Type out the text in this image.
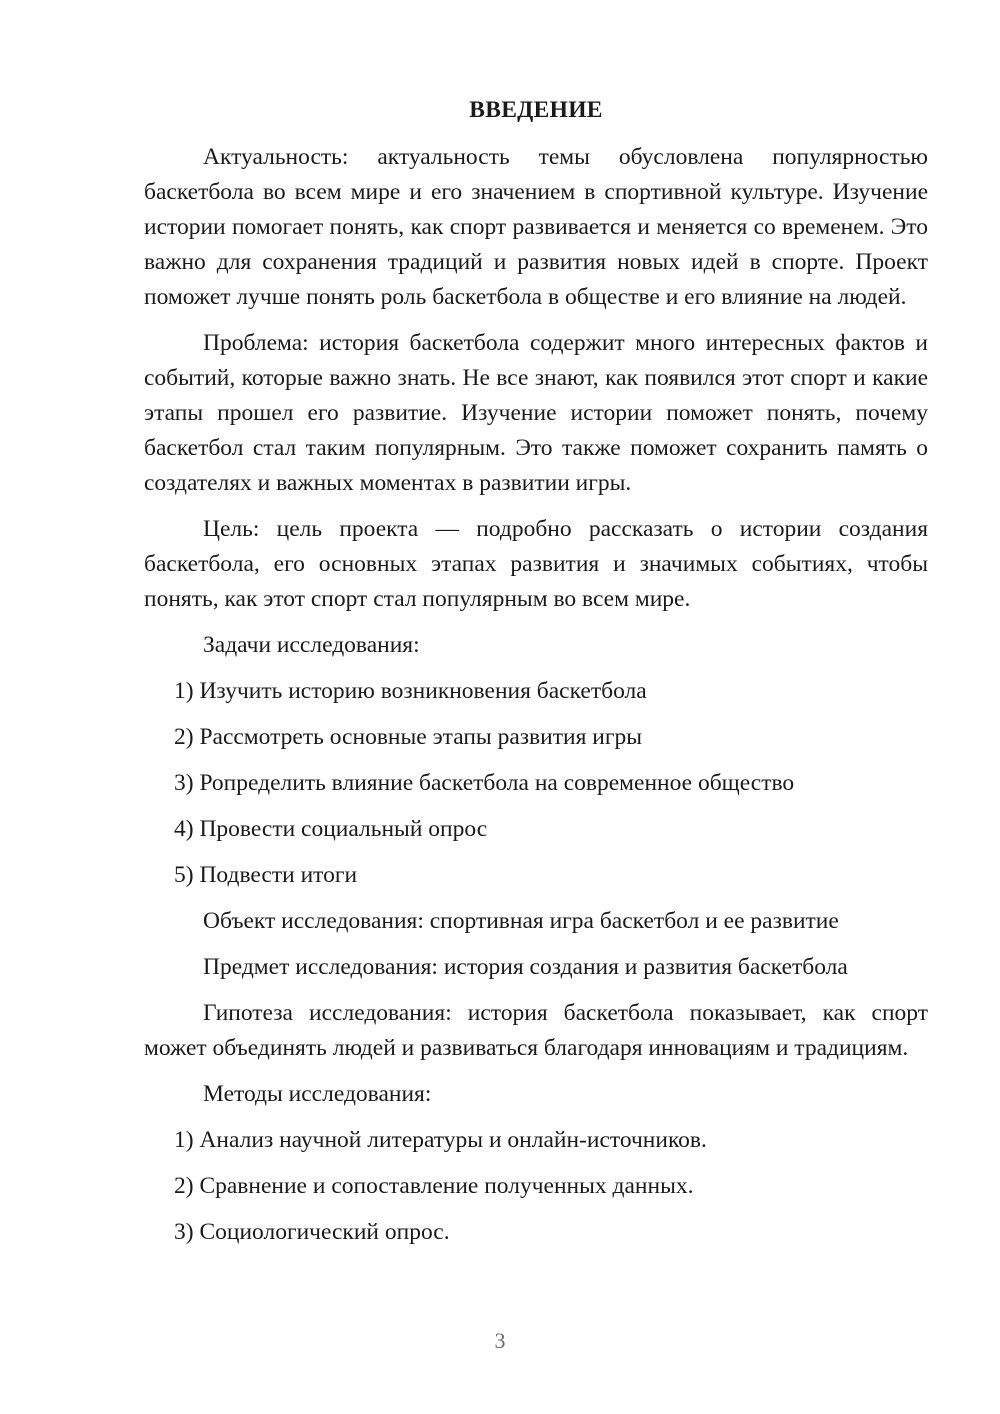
ВВЕДЕНИЕ

Актуальность: актуальность темы обусловлена популярностью баскетбола во всем мире и его значением в спортивной культуре. Изучение истории помогает понять, как спорт развивается и меняется со временем. Это важно для сохранения традиций и развития новых идей в спорте. Проект поможет лучше понять роль баскетбола в обществе и его влияние на людей.

Проблема: история баскетбола содержит много интересных фактов и событий, которые важно знать. Не все знают, как появился этот спорт и какие этапы прошел его развитие. Изучение истории поможет понять, почему баскетбол стал таким популярным. Это также поможет сохранить память о создателях и важных моментах в развитии игры.

Цель: цель проекта — подробно рассказать о истории создания баскетбола, его основных этапах развития и значимых событиях, чтобы понять, как этот спорт стал популярным во всем мире.

Задачи исследования:

1) Изучить историю возникновения баскетбола
2) Рассмотреть основные этапы развития игры
3) Ропределить влияние баскетбола на современное общество
4) Провести социальный опрос
5) Подвести итоги

Объект исследования: спортивная игра баскетбол и ее развитие

Предмет исследования: история создания и развития баскетбола

Гипотеза исследования: история баскетбола показывает, как спорт может объединять людей и развиваться благодаря инновациям и традициям.

Методы исследования:

1) Анализ научной литературы и онлайн-источников.
2) Сравнение и сопоставление полученных данных.
3) Социологический опрос.
3
